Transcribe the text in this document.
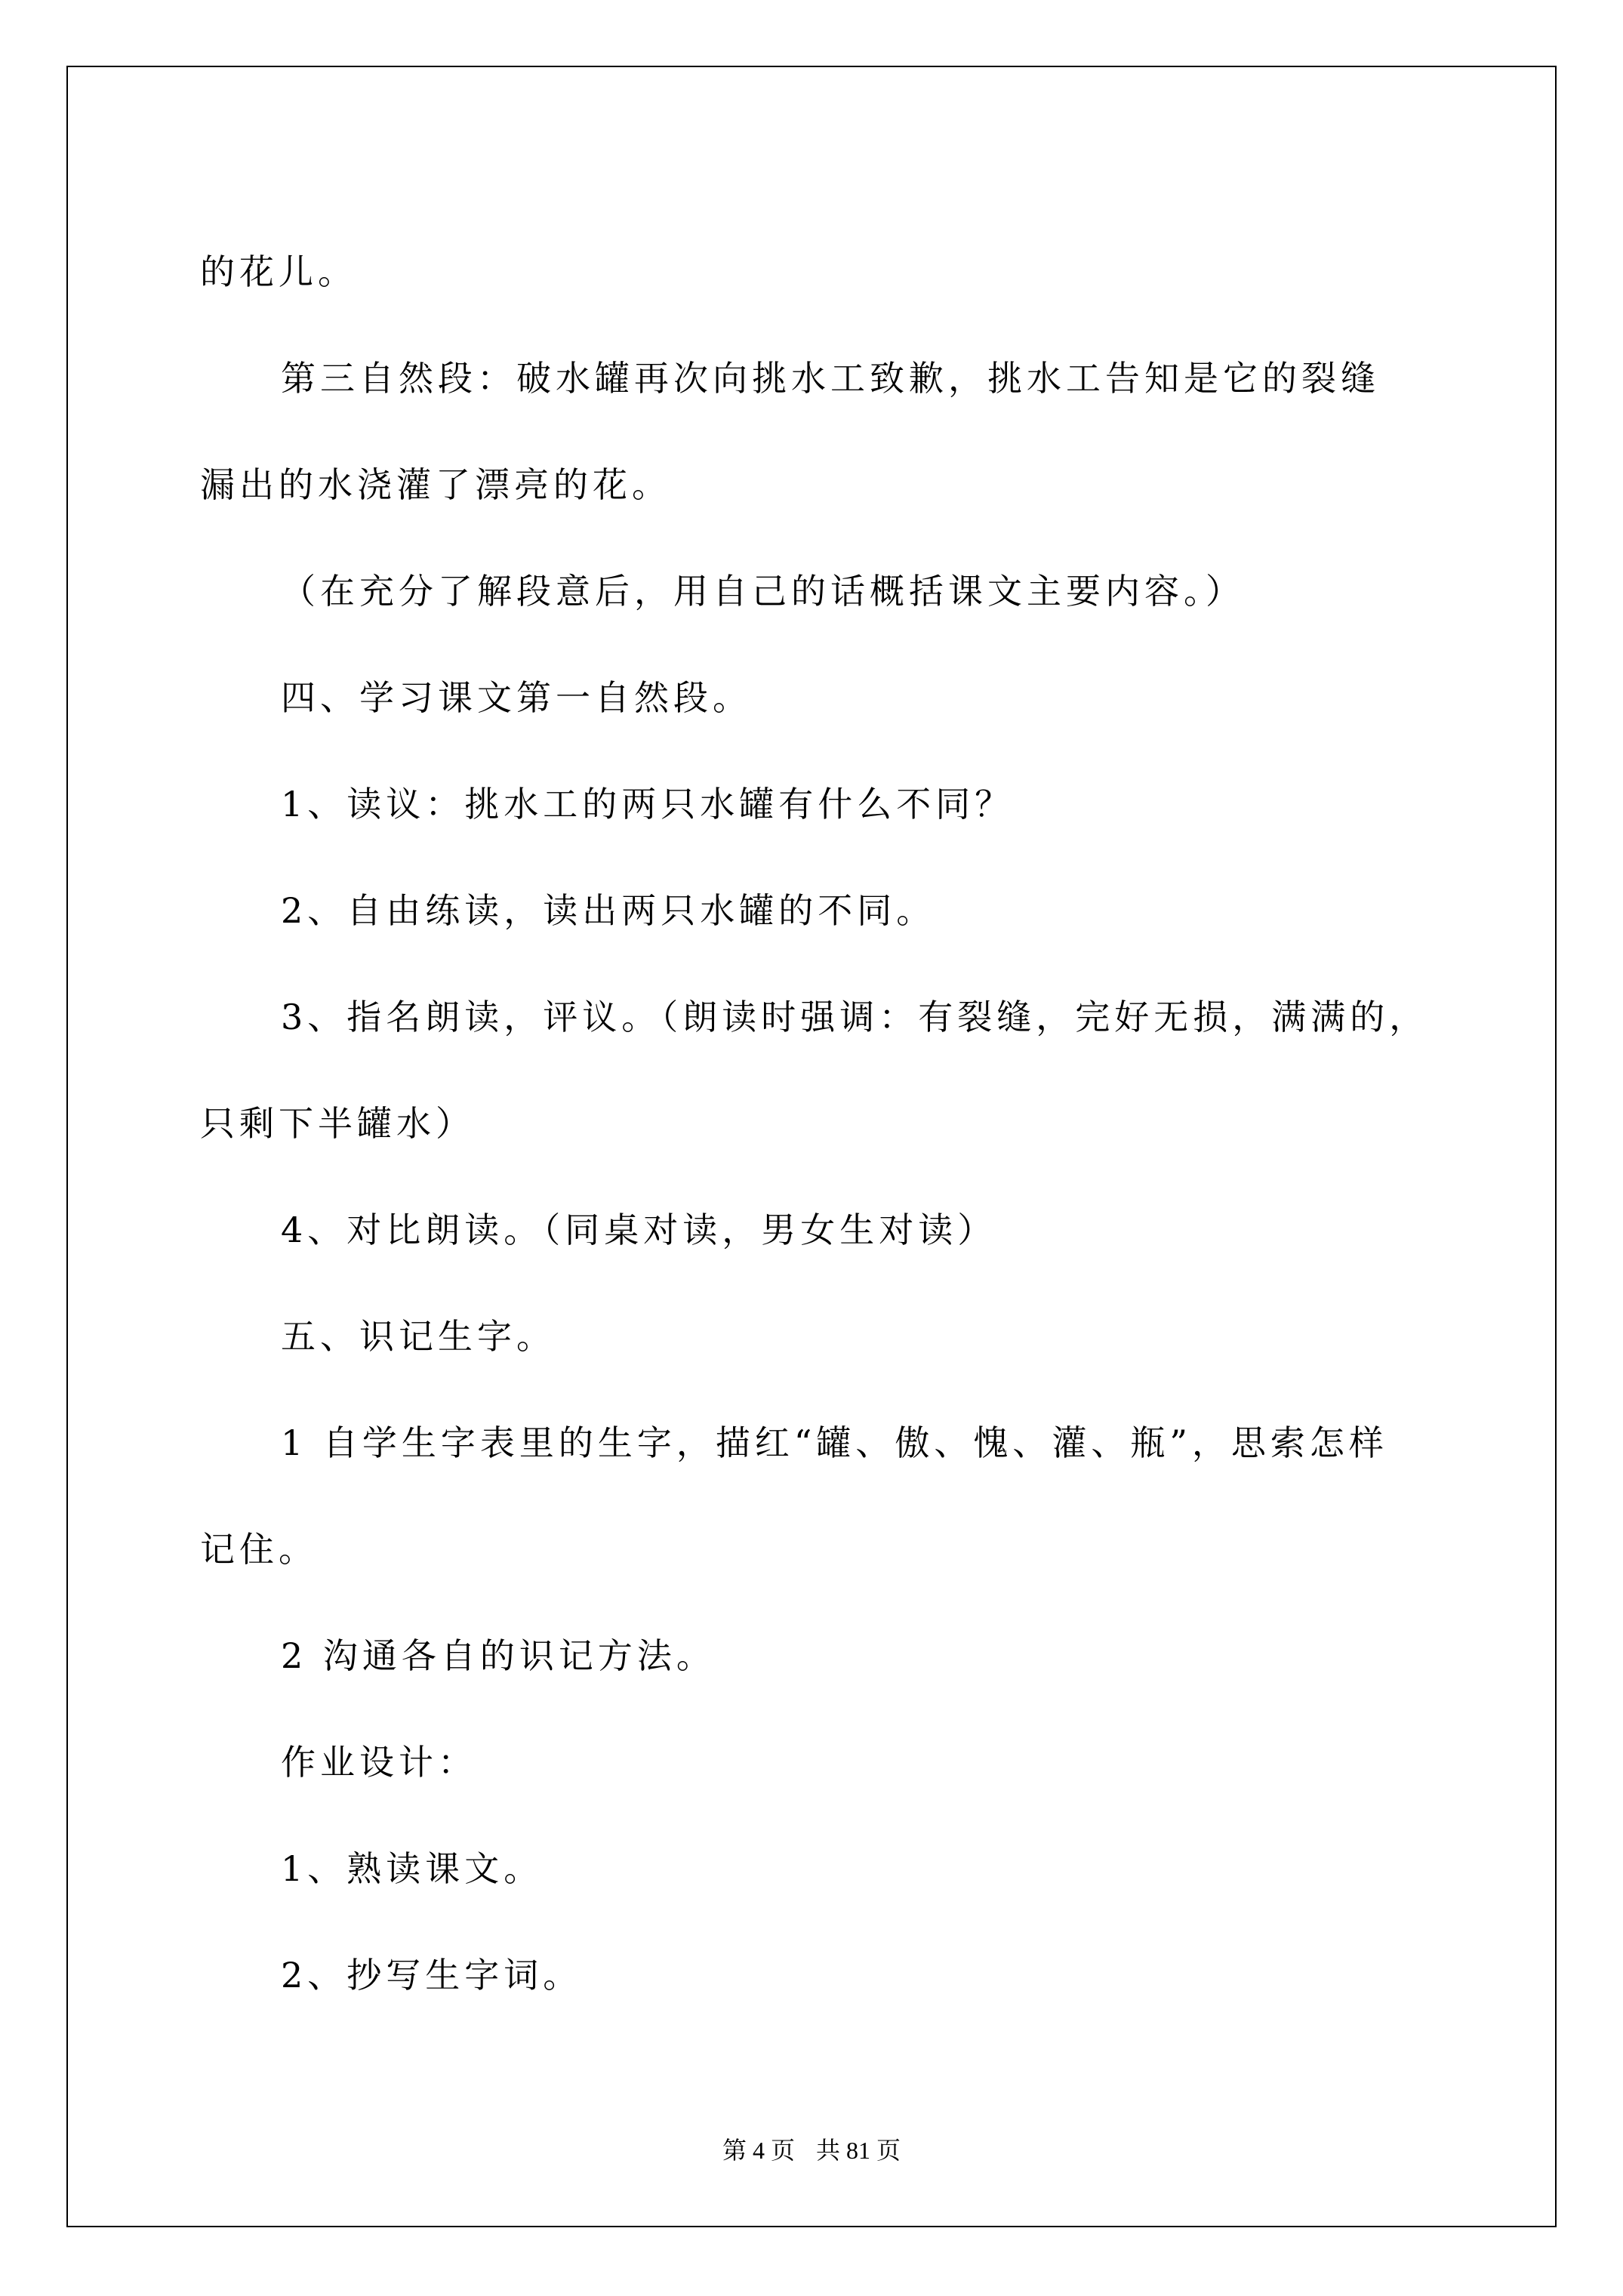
的花儿。

第三自然段：破水罐再次向挑水工致歉，挑水工告知是它的裂缝

漏出的水浇灌了漂亮的花。

（在充分了解段意后，用自己的话概括课文主要内容。）

四、学习课文第一自然段。

1、读议：挑水工的两只水罐有什么不同？

2、自由练读，读出两只水罐的不同。

3、指名朗读，评议。（朗读时强调：有裂缝，完好无损，满满的，

只剩下半罐水）

4、对比朗读。（同桌对读，男女生对读）

五、识记生字。

1 自学生字表里的生字，描红“罐、傲、愧、灌、瓶”，思索怎样

记住。

2 沟通各自的识记方法。

作业设计：

1、熟读课文。

2、抄写生字词。

第 4 页 共 81 页
